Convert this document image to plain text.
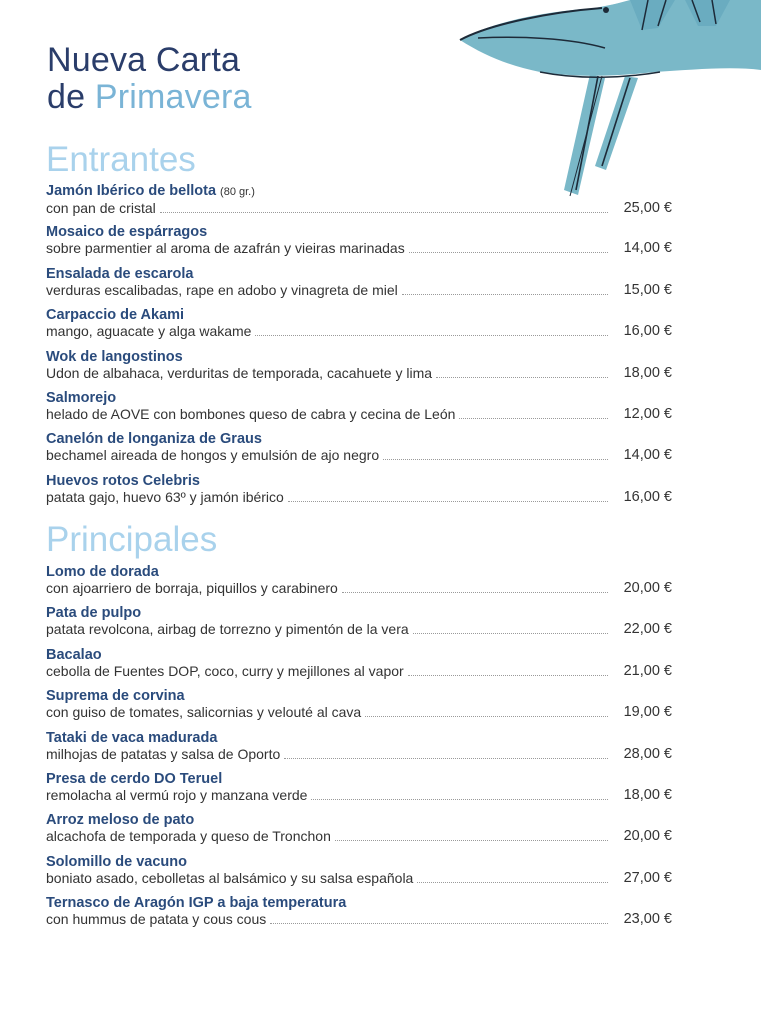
Nueva Carta
de Primavera
Entrantes
Jamón Ibérico de bellota (80 gr.)
con pan de cristal	25,00 €
Mosaico de espárragos
sobre parmentier al aroma de azafrán y vieiras marinadas	14,00 €
Ensalada de escarola
verduras escalibadas, rape en adobo y vinagreta de miel	15,00 €
Carpaccio de Akami
mango, aguacate y alga wakame	16,00 €
Wok de langostinos
Udon de albahaca, verduritas de temporada, cacahuete y lima	18,00 €
Salmorejo
helado de AOVE con bombones queso de cabra y cecina de León	12,00 €
Canelón de longaniza de Graus
bechamel aireada de hongos y emulsión de ajo negro	14,00 €
Huevos rotos Celebris
patata gajo, huevo 63º y jamón ibérico	16,00 €
Principales
Lomo de dorada
con ajoarriero de borraja, piquillos y carabinero	20,00 €
Pata de pulpo
patata revolcona, airbag de torrezno y pimentón de la vera	22,00 €
Bacalao
cebolla de Fuentes DOP, coco, curry y mejillones al vapor	21,00 €
Suprema de corvina
con guiso de tomates, salicornias y velouté al cava	19,00 €
Tataki de vaca madurada
milhojas de patatas y salsa de Oporto	28,00 €
Presa de cerdo DO Teruel
remolacha al vermú rojo y manzana verde	18,00 €
Arroz meloso de pato
alcachofa de temporada y queso de Tronchon	20,00 €
Solomillo de vacuno
boniato asado, cebolletas al balsámico y su salsa española	27,00 €
Ternasco de Aragón IGP a baja temperatura
con hummus de patata y cous cous	23,00 €
